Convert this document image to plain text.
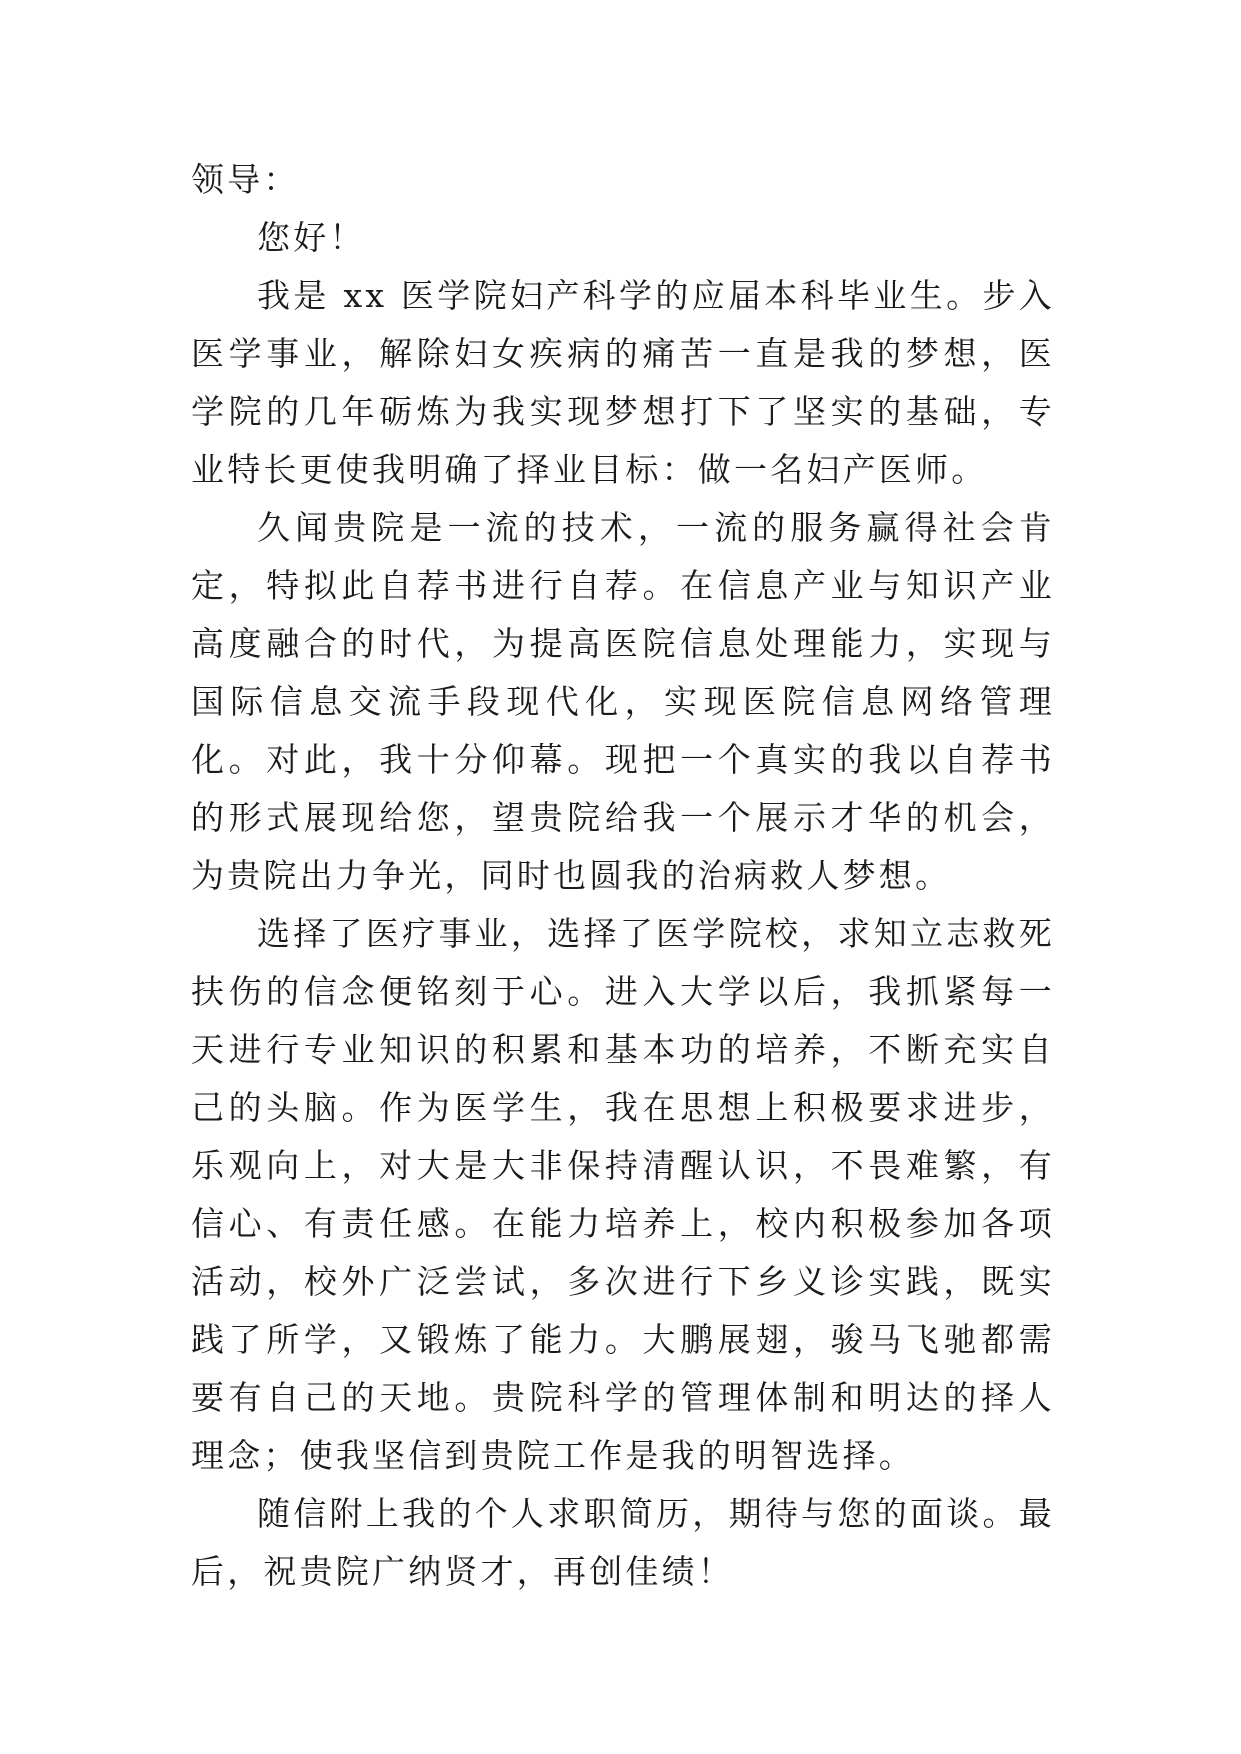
领导：

您好！

我是 xx 医学院妇产科学的应届本科毕业生。步入医学事业，解除妇女疾病的痛苦一直是我的梦想，医学院的几年砺炼为我实现梦想打下了坚实的基础，专业特长更使我明确了择业目标：做一名妇产医师。

久闻贵院是一流的技术，一流的服务赢得社会肯定，特拟此自荐书进行自荐。在信息产业与知识产业高度融合的时代，为提高医院信息处理能力，实现与国际信息交流手段现代化，实现医院信息网络管理化。对此，我十分仰幕。现把一个真实的我以自荐书的形式展现给您，望贵院给我一个展示才华的机会，为贵院出力争光，同时也圆我的治病救人梦想。

选择了医疗事业，选择了医学院校，求知立志救死扶伤的信念便铭刻于心。进入大学以后，我抓紧每一天进行专业知识的积累和基本功的培养，不断充实自己的头脑。作为医学生，我在思想上积极要求进步，乐观向上，对大是大非保持清醒认识，不畏难繁，有信心、有责任感。在能力培养上，校内积极参加各项活动，校外广泛尝试，多次进行下乡义诊实践，既实践了所学，又锻炼了能力。大鹏展翅，骏马飞驰都需要有自己的天地。贵院科学的管理体制和明达的择人理念；使我坚信到贵院工作是我的明智选择。

随信附上我的个人求职简历，期待与您的面谈。最后，祝贵院广纳贤才，再创佳绩！
